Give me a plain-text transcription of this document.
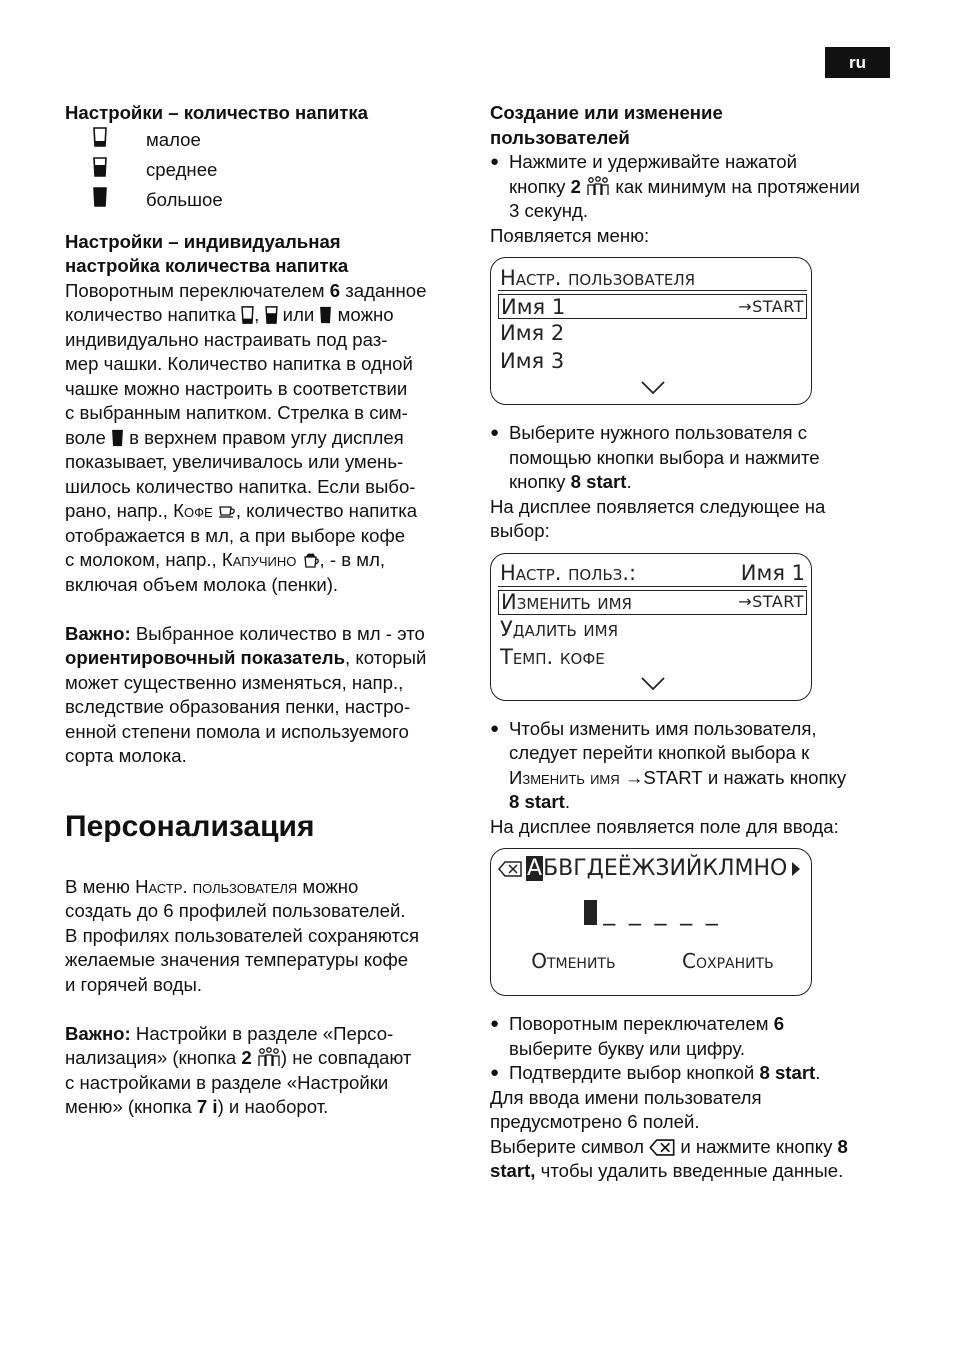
ru

Настройки – количество напитка

малое
среднее
большое

Настройки – индивидуальная

настройка количества напитка

Поворотным переключателем 6 заданное

количество напитка ,  или  можно

индивидуально настраивать под раз-

мер чашки. Количество напитка в одной

чашке можно настроить в соответствии

с выбранным напитком. Стрелка в сим-

воле  в верхнем правом углу дисплея

показывает, увеличивалось или умень-

шилось количество напитка. Если выбо-

рано, напр., Кофе , количество напитка

отображается в мл, а при выборе кофе

с молоком, напр., Капучино , - в мл,

включая объем молока (пенки).

Важно: Выбранное количество в мл - это

ориентировочный показатель, который

может существенно изменяться, напр.,

вследствие образования пенки, настро-

енной степени помола и используемого

сорта молока.

Персонализация

В меню Настр. пользователя можно

создать до 6 профилей пользователей.

В профилях пользователей сохраняются

желаемые значения температуры кофе

и горячей воды.

Важно: Настройки в разделе «Персо-

нализация» (кнопка 2 ) не совпадают

с настройками в разделе «Настройки

меню» (кнопка 7 i) и наоборот.

Создание или изменение

пользователей

● Нажмите и удерживайте нажатой

кнопку 2  как минимум на протяжении

3 секунд.

Появляется меню:

Настр. пользователя
Имя 1	→START
Имя 2
Имя 3

● Выберите нужного пользователя с

помощью кнопки выбора и нажмите

кнопку 8 start.

На дисплее появляется следующее на

выбор:

Настр. польз.:	Имя 1
Изменить имя	→START
Удалить имя
Темп. кофе

● Чтобы изменить имя пользователя,

следует перейти кнопкой выбора к

Изменить имя →START и нажать кнопку

8 start.

На дисплее появляется поле для ввода:

АБВГДЕЁЖЗИЙКЛМНО
_ _ _ _ _
Отменить	Сохранить

● Поворотным переключателем 6

выберите букву или цифру.

● Подтвердите выбор кнопкой 8 start.

Для ввода имени пользователя

предусмотрено 6 полей.

Выберите символ  и нажмите кнопку 8

start, чтобы удалить введенные данные.
